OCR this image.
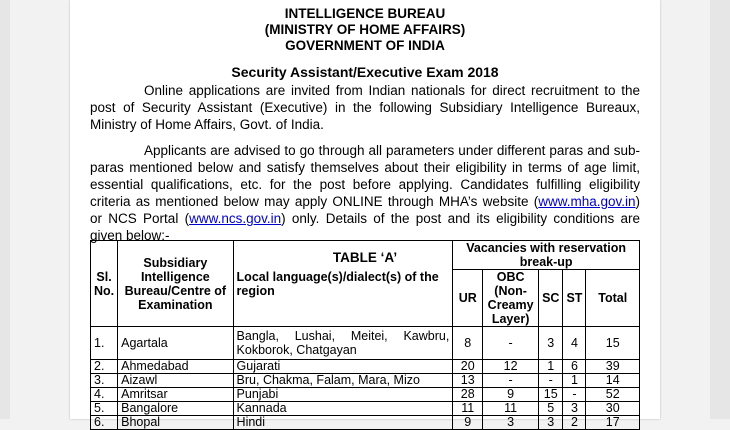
INTELLIGENCE BUREAU
(MINISTRY OF HOME AFFAIRS)
GOVERNMENT OF INDIA
Security Assistant/Executive Exam 2018
Online applications are invited from Indian nationals for direct recruitment to the post of Security Assistant (Executive) in the following Subsidiary Intelligence Bureaux, Ministry of Home Affairs, Govt. of India.
Applicants are advised to go through all parameters under different paras and sub-paras mentioned below and satisfy themselves about their eligibility in terms of age limit, essential qualifications, etc. for the post before applying. Candidates fulfilling eligibility criteria as mentioned below may apply ONLINE through MHA’s website (www.mha.gov.in) or NCS Portal (www.ncs.gov.in) only. Details of the post and its eligibility conditions are given below:-
TABLE ‘A’
Sl. No.	Subsidiary Intelligence Bureau/Centre of Examination	Local language(s)/dialect(s) of the region	Vacancies with reservation break-up				
			UR	OBC (Non-Creamy Layer)	SC	ST	Total
1.	Agartala	Bangla, Lushai, Meitei, Kawbru, Kokborok, Chatgayan	8	-	3	4	15
2.	Ahmedabad	Gujarati	20	12	1	6	39
3.	Aizawl	Bru, Chakma, Falam, Mara, Mizo	13	-	-	1	14
4.	Amritsar	Punjabi	28	9	15	-	52
5.	Bangalore	Kannada	11	11	5	3	30
6.	Bhopal	Hindi	9	3	3	2	17
